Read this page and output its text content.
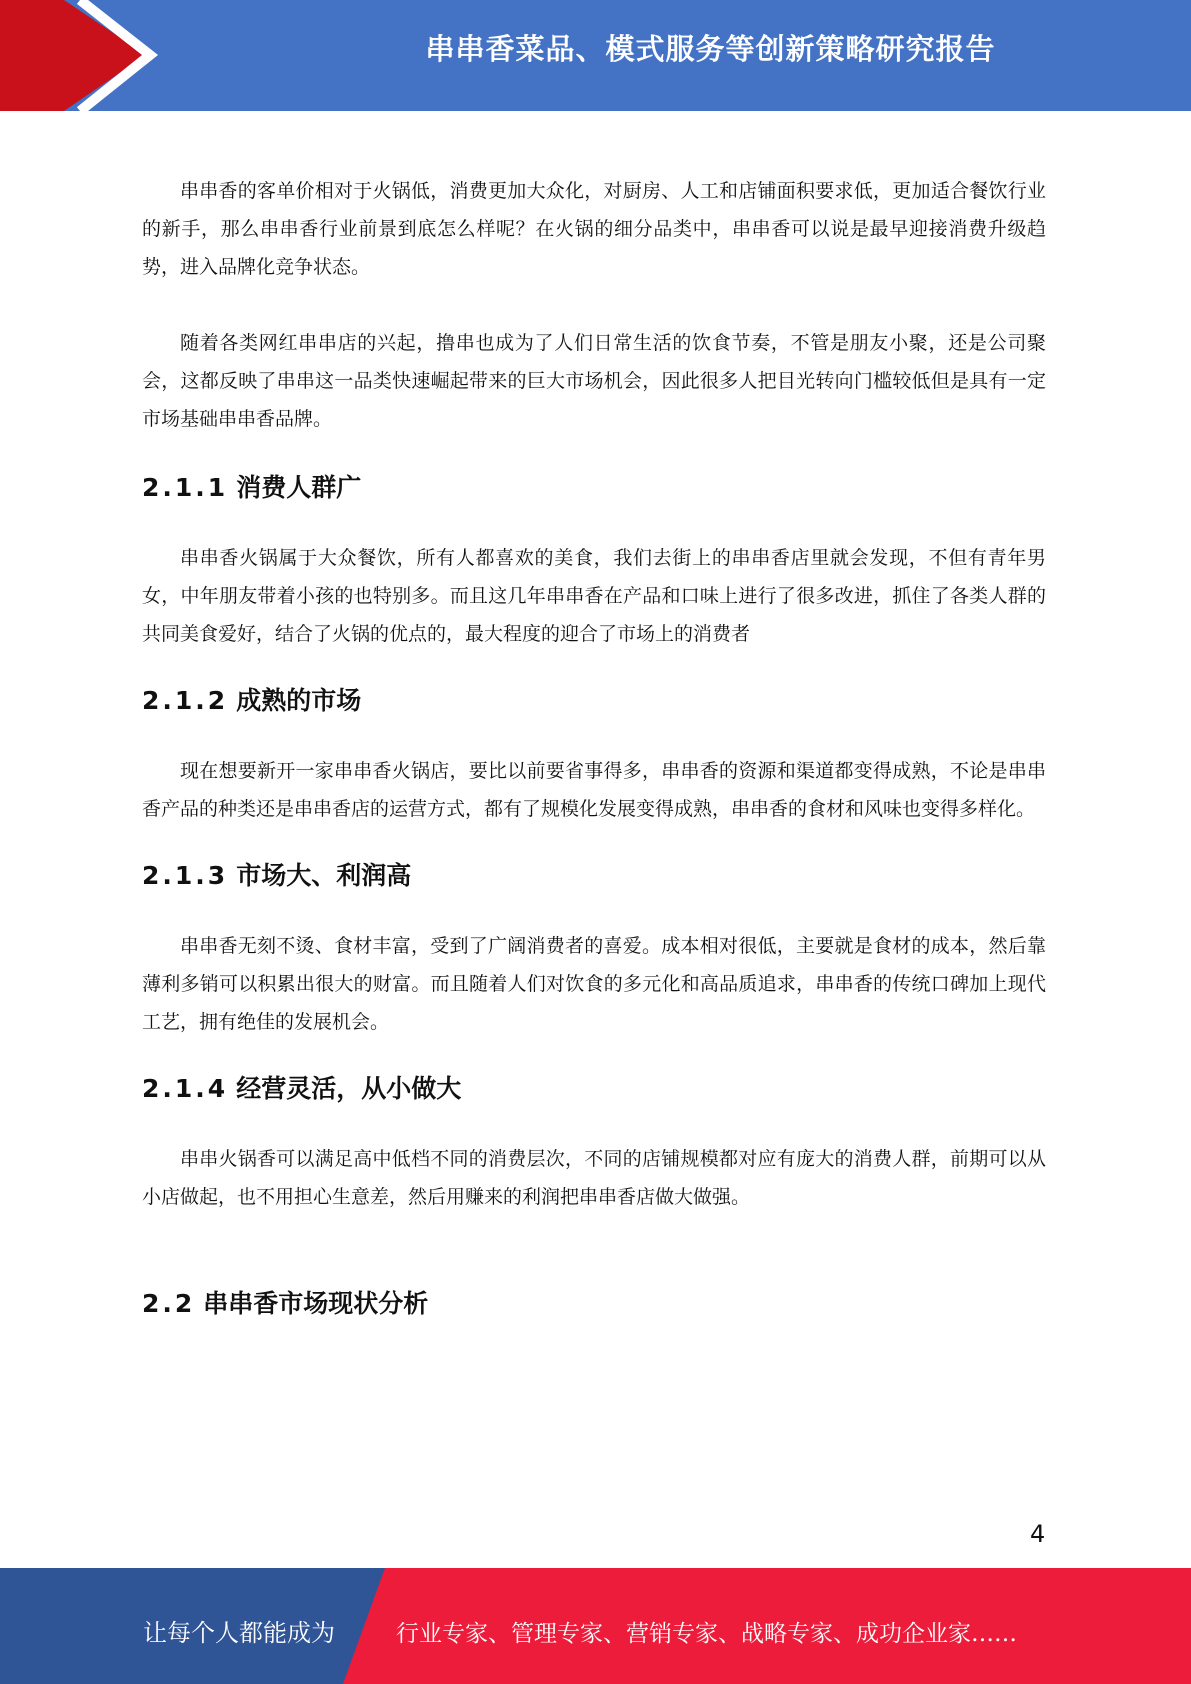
串串香菜品、模式服务等创新策略研究报告

串串香的客单价相对于火锅低，消费更加大众化，对厨房、人工和店铺面积要求低，更加适合餐饮行业的新手，那么串串香行业前景到底怎么样呢？在火锅的细分品类中，串串香可以说是最早迎接消费升级趋势，进入品牌化竞争状态。

随着各类网红串串店的兴起，撸串也成为了人们日常生活的饮食节奏，不管是朋友小聚，还是公司聚会，这都反映了串串这一品类快速崛起带来的巨大市场机会，因此很多人把目光转向门槛较低但是具有一定市场基础串串香品牌。

2.1.1 消费人群广

串串香火锅属于大众餐饮，所有人都喜欢的美食，我们去街上的串串香店里就会发现，不但有青年男女，中年朋友带着小孩的也特别多。而且这几年串串香在产品和口味上进行了很多改进，抓住了各类人群的共同美食爱好，结合了火锅的优点的，最大程度的迎合了市场上的消费者

2.1.2 成熟的市场

现在想要新开一家串串香火锅店，要比以前要省事得多，串串香的资源和渠道都变得成熟，不论是串串香产品的种类还是串串香店的运营方式，都有了规模化发展变得成熟，串串香的食材和风味也变得多样化。

2.1.3 市场大、利润高

串串香无刻不烫、食材丰富，受到了广阔消费者的喜爱。成本相对很低，主要就是食材的成本，然后靠薄利多销可以积累出很大的财富。而且随着人们对饮食的多元化和高品质追求，串串香的传统口碑加上现代工艺，拥有绝佳的发展机会。

2.1.4 经营灵活，从小做大

串串火锅香可以满足高中低档不同的消费层次，不同的店铺规模都对应有庞大的消费人群，前期可以从小店做起，也不用担心生意差，然后用赚来的利润把串串香店做大做强。

2.2 串串香市场现状分析
4
让每个人都能成为	行业专家、管理专家、营销专家、战略专家、成功企业家……
